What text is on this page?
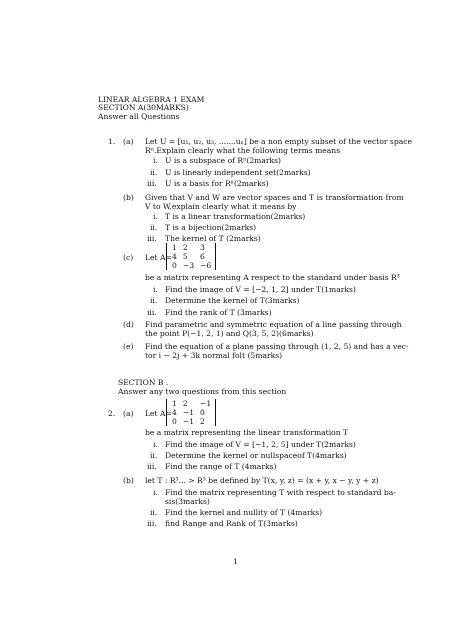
LINEAR ALGEBRA 1 EXAM
SECTION A(30MARKS)
Answer all Questions
1. (a) Let U = [u₁, u₂, u₃, .......uₙ] be a non empty subset of the vector space
Rⁿ.Explain clearly what the following terms means
i. U is a subspace of Rⁿ(2marks)
ii. U is linearly independent set(2marks)
iii. U is a basis for Rⁿ(2marks)
(b) Given that V and W are vector spaces and T is transformation from
V to W,explain clearly what it means by
i. T is a linear transformation(2marks)
ii. T is a bijection(2marks)
iii. The kernel of T (2marks)
(c) Let A=
1	2	3
4	5	6
0	−3	−6
be a matrix representing A respect to the standard under basis R³
i. Find the image of V = [−2, 1, 2] under T(1marks)
ii. Determine the kernel of T(3marks)
iii. Find the rank of T (3marks)
(d) Find parametric and symmetric equation of a line passing through
the point P(−1, 2, 1) and Q(3, 5, 2)(6marks)
(e) Find the equation of a plane passing through (1, 2, 5) and has a vec-
tor i − 2j + 3k normal folt (5marks)
SECTION B .
Answer any two questions from this section
2. (a) Let A=
1	2	−1
4	−1	0
0	−1	2
be a matrix representing the linear transformation T
i. Find the image of V = [−1, 2, 5] under T(2marks)
ii. Determine the kernel or nullspaceof T(4marks)
iii. Find the range of T (4marks)
(b) let T : R³... > R³ be defined by T(x, y, z) = (x + y, x − y, y + z)
i. Find the matrix representing T with respect to standard ba-
sis(3marks)
ii. Find the kernel and nullity of T (4marks)
iii. find Range and Rank of T(3marks)
1
